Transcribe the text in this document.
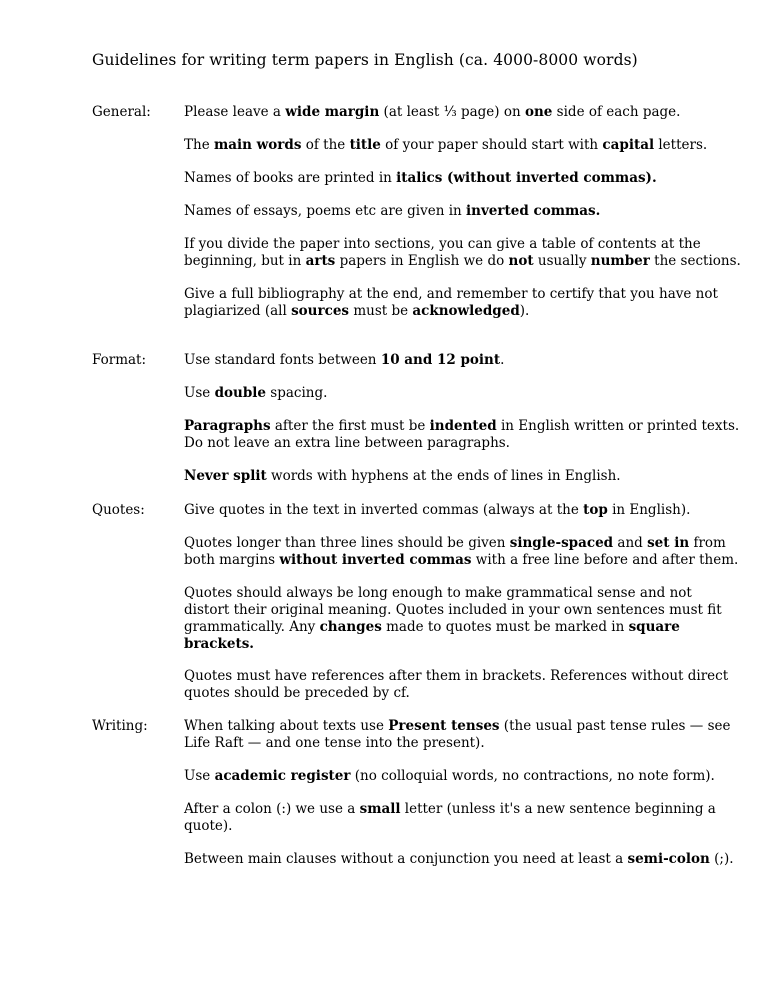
Guidelines for writing term papers in English (ca. 4000-8000 words)
General: Please leave a wide margin (at least ⅓ page) on one side of each page.
The main words of the title of your paper should start with capital letters.
Names of books are printed in italics (without inverted commas).
Names of essays, poems etc are given in inverted commas.
If you divide the paper into sections, you can give a table of contents at the
beginning, but in arts papers in English we do not usually number the sections.
Give a full bibliography at the end, and remember to certify that you have not
plagiarized (all sources must be acknowledged).
Format:	Use standard fonts between 10 and 12 point.
Use double spacing.
Paragraphs after the first must be indented in English written or printed texts.
Do not leave an extra line between paragraphs.
Never split words with hyphens at the ends of lines in English.
Quotes:	Give quotes in the text in inverted commas (always at the top in English).
Quotes longer than three lines should be given single-spaced and set in from
both margins without inverted commas with a free line before and after them.
Quotes should always be long enough to make grammatical sense and not
distort their original meaning. Quotes included in your own sentences must fit
grammatically. Any changes made to quotes must be marked in square
brackets.
Quotes must have references after them in brackets. References without direct
quotes should be preceded by cf.
Writing:	When talking about texts use Present tenses (the usual past tense rules — see
Life Raft — and one tense into the present).
Use academic register (no colloquial words, no contractions, no note form).
After a colon (:) we use a small letter (unless it's a new sentence beginning a
quote).
Between main clauses without a conjunction you need at least a semi-colon (;).
